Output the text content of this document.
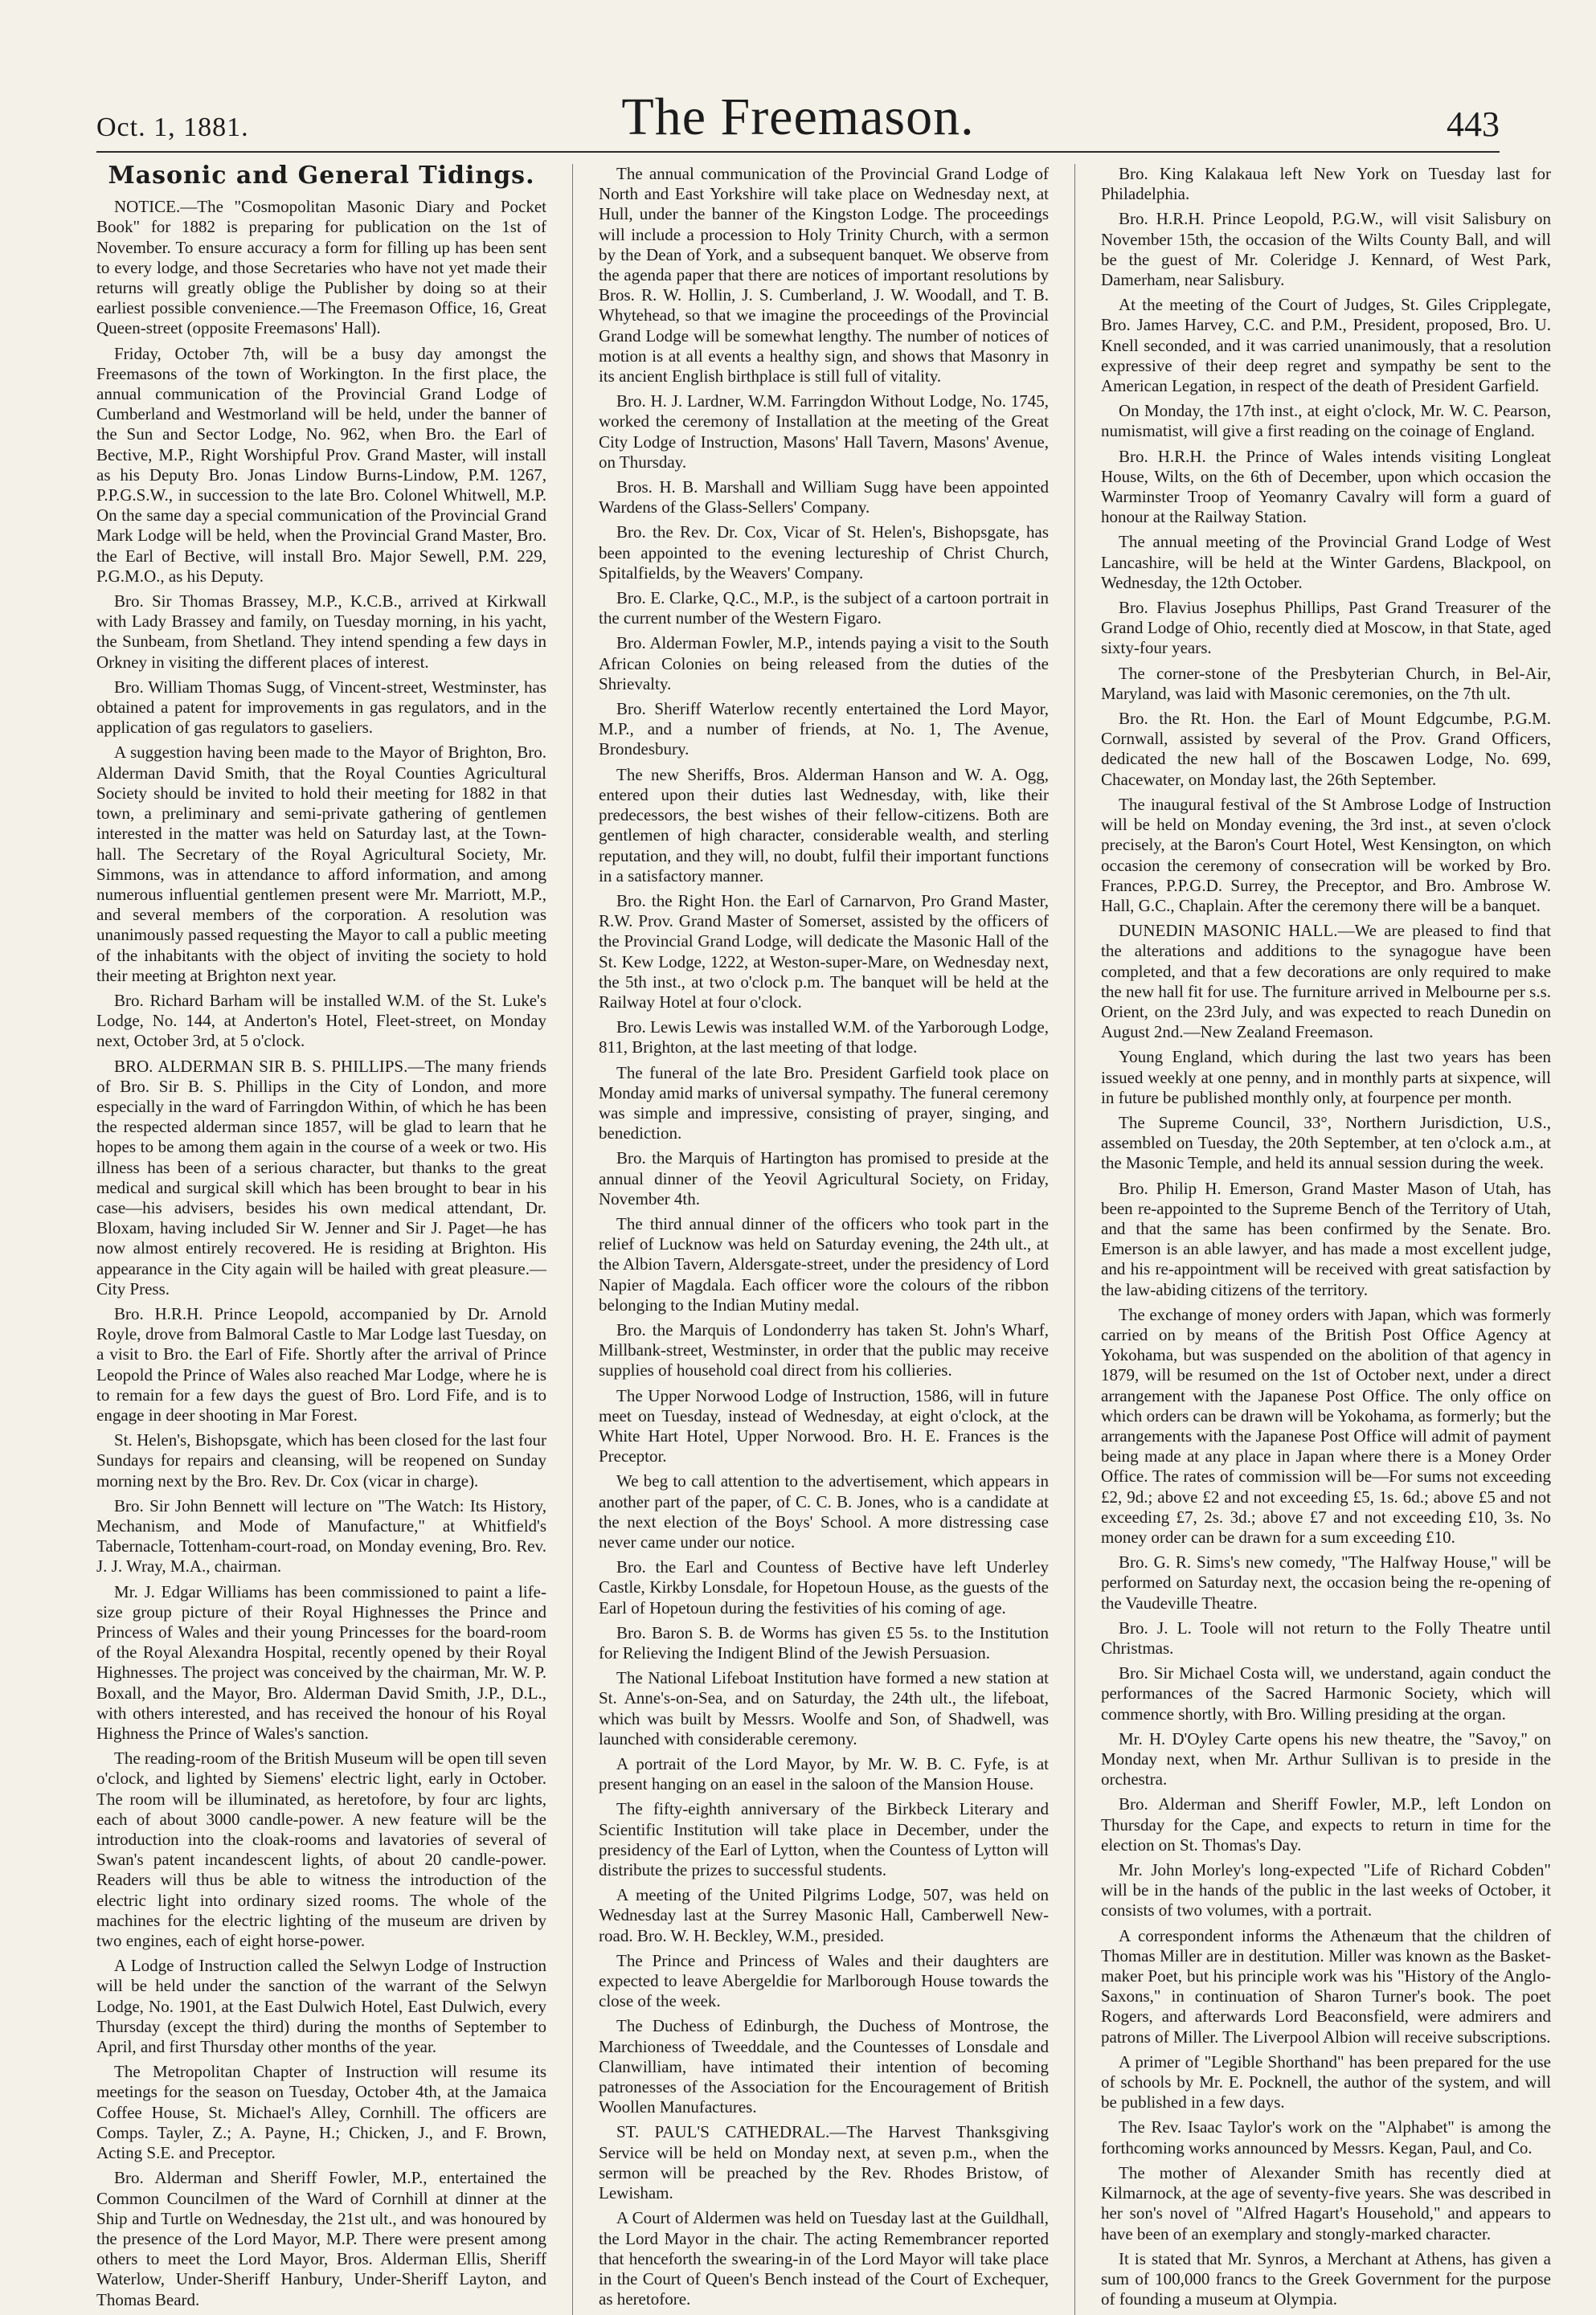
Oct. 1, 1881.	The Freemason.	443
Masonic and General Tidings.

NOTICE.—The "Cosmopolitan Masonic Diary and Pocket Book" for 1882 is preparing for publication on the 1st of November. To ensure accuracy a form for filling up has been sent to every lodge, and those Secretaries who have not yet made their returns will greatly oblige the Publisher by doing so at their earliest possible convenience.—The Freemason Office, 16, Great Queen-street (opposite Freemasons' Hall).

Friday, October 7th, will be a busy day amongst the Freemasons of the town of Workington. In the first place, the annual communication of the Provincial Grand Lodge of Cumberland and Westmorland will be held, under the banner of the Sun and Sector Lodge, No. 962, when Bro. the Earl of Bective, M.P., Right Worshipful Prov. Grand Master, will install as his Deputy Bro. Jonas Lindow Burns-Lindow, P.M. 1267, P.P.G.S.W., in succession to the late Bro. Colonel Whitwell, M.P. On the same day a special communication of the Provincial Grand Mark Lodge will be held, when the Provincial Grand Master, Bro. the Earl of Bective, will install Bro. Major Sewell, P.M. 229, P.G.M.O., as his Deputy.

Bro. Sir Thomas Brassey, M.P., K.C.B., arrived at Kirkwall with Lady Brassey and family, on Tuesday morning, in his yacht, the Sunbeam, from Shetland. They intend spending a few days in Orkney in visiting the different places of interest.

Bro. William Thomas Sugg, of Vincent-street, Westminster, has obtained a patent for improvements in gas regulators, and in the application of gas regulators to gaseliers.

A suggestion having been made to the Mayor of Brighton, Bro. Alderman David Smith, that the Royal Counties Agricultural Society should be invited to hold their meeting for 1882 in that town, a preliminary and semi-private gathering of gentlemen interested in the matter was held on Saturday last, at the Town-hall. The Secretary of the Royal Agricultural Society, Mr. Simmons, was in attendance to afford information, and among numerous influential gentlemen present were Mr. Marriott, M.P., and several members of the corporation. A resolution was unanimously passed requesting the Mayor to call a public meeting of the inhabitants with the object of inviting the society to hold their meeting at Brighton next year.

Bro. Richard Barham will be installed W.M. of the St. Luke's Lodge, No. 144, at Anderton's Hotel, Fleet-street, on Monday next, October 3rd, at 5 o'clock.

BRO. ALDERMAN SIR B. S. PHILLIPS.—The many friends of Bro. Sir B. S. Phillips in the City of London, and more especially in the ward of Farringdon Within, of which he has been the respected alderman since 1857, will be glad to learn that he hopes to be among them again in the course of a week or two. His illness has been of a serious character, but thanks to the great medical and surgical skill which has been brought to bear in his case—his advisers, besides his own medical attendant, Dr. Bloxam, having included Sir W. Jenner and Sir J. Paget—he has now almost entirely recovered. He is residing at Brighton. His appearance in the City again will be hailed with great pleasure.—City Press.

Bro. H.R.H. Prince Leopold, accompanied by Dr. Arnold Royle, drove from Balmoral Castle to Mar Lodge last Tuesday, on a visit to Bro. the Earl of Fife. Shortly after the arrival of Prince Leopold the Prince of Wales also reached Mar Lodge, where he is to remain for a few days the guest of Bro. Lord Fife, and is to engage in deer shooting in Mar Forest.

St. Helen's, Bishopsgate, which has been closed for the last four Sundays for repairs and cleansing, will be reopened on Sunday morning next by the Bro. Rev. Dr. Cox (vicar in charge).

Bro. Sir John Bennett will lecture on "The Watch: Its History, Mechanism, and Mode of Manufacture," at Whitfield's Tabernacle, Tottenham-court-road, on Monday evening, Bro. Rev. J. J. Wray, M.A., chairman.

Mr. J. Edgar Williams has been commissioned to paint a life-size group picture of their Royal Highnesses the Prince and Princess of Wales and their young Princesses for the board-room of the Royal Alexandra Hospital, recently opened by their Royal Highnesses. The project was conceived by the chairman, Mr. W. P. Boxall, and the Mayor, Bro. Alderman David Smith, J.P., D.L., with others interested, and has received the honour of his Royal Highness the Prince of Wales's sanction.

The reading-room of the British Museum will be open till seven o'clock, and lighted by Siemens' electric light, early in October. The room will be illuminated, as heretofore, by four arc lights, each of about 3000 candle-power. A new feature will be the introduction into the cloak-rooms and lavatories of several of Swan's patent incandescent lights, of about 20 candle-power. Readers will thus be able to witness the introduction of the electric light into ordinary sized rooms. The whole of the machines for the electric lighting of the museum are driven by two engines, each of eight horse-power.

A Lodge of Instruction called the Selwyn Lodge of Instruction will be held under the sanction of the warrant of the Selwyn Lodge, No. 1901, at the East Dulwich Hotel, East Dulwich, every Thursday (except the third) during the months of September to April, and first Thursday other months of the year.

The Metropolitan Chapter of Instruction will resume its meetings for the season on Tuesday, October 4th, at the Jamaica Coffee House, St. Michael's Alley, Cornhill. The officers are Comps. Tayler, Z.; A. Payne, H.; Chicken, J., and F. Brown, Acting S.E. and Preceptor.

Bro. Alderman and Sheriff Fowler, M.P., entertained the Common Councilmen of the Ward of Cornhill at dinner at the Ship and Turtle on Wednesday, the 21st ult., and was honoured by the presence of the Lord Mayor, M.P. There were present among others to meet the Lord Mayor, Bros. Alderman Ellis, Sheriff Waterlow, Under-Sheriff Hanbury, Under-Sheriff Layton, and Thomas Beard.

The annual communication of the Provincial Grand Lodge of North and East Yorkshire will take place on Wednesday next, at Hull, under the banner of the Kingston Lodge. The proceedings will include a procession to Holy Trinity Church, with a sermon by the Dean of York, and a subsequent banquet. We observe from the agenda paper that there are notices of important resolutions by Bros. R. W. Hollin, J. S. Cumberland, J. W. Woodall, and T. B. Whytehead, so that we imagine the proceedings of the Provincial Grand Lodge will be somewhat lengthy. The number of notices of motion is at all events a healthy sign, and shows that Masonry in its ancient English birthplace is still full of vitality.

Bro. H. J. Lardner, W.M. Farringdon Without Lodge, No. 1745, worked the ceremony of Installation at the meeting of the Great City Lodge of Instruction, Masons' Hall Tavern, Masons' Avenue, on Thursday.

Bros. H. B. Marshall and William Sugg have been appointed Wardens of the Glass-Sellers' Company.

Bro. the Rev. Dr. Cox, Vicar of St. Helen's, Bishopsgate, has been appointed to the evening lectureship of Christ Church, Spitalfields, by the Weavers' Company.

Bro. E. Clarke, Q.C., M.P., is the subject of a cartoon portrait in the current number of the Western Figaro.

Bro. Alderman Fowler, M.P., intends paying a visit to the South African Colonies on being released from the duties of the Shrievalty.

Bro. Sheriff Waterlow recently entertained the Lord Mayor, M.P., and a number of friends, at No. 1, The Avenue, Brondesbury.

The new Sheriffs, Bros. Alderman Hanson and W. A. Ogg, entered upon their duties last Wednesday, with, like their predecessors, the best wishes of their fellow-citizens. Both are gentlemen of high character, considerable wealth, and sterling reputation, and they will, no doubt, fulfil their important functions in a satisfactory manner.

Bro. the Right Hon. the Earl of Carnarvon, Pro Grand Master, R.W. Prov. Grand Master of Somerset, assisted by the officers of the Provincial Grand Lodge, will dedicate the Masonic Hall of the St. Kew Lodge, 1222, at Weston-super-Mare, on Wednesday next, the 5th inst., at two o'clock p.m. The banquet will be held at the Railway Hotel at four o'clock.

Bro. Lewis Lewis was installed W.M. of the Yarborough Lodge, 811, Brighton, at the last meeting of that lodge.

The funeral of the late Bro. President Garfield took place on Monday amid marks of universal sympathy. The funeral ceremony was simple and impressive, consisting of prayer, singing, and benediction.

Bro. the Marquis of Hartington has promised to preside at the annual dinner of the Yeovil Agricultural Society, on Friday, November 4th.

The third annual dinner of the officers who took part in the relief of Lucknow was held on Saturday evening, the 24th ult., at the Albion Tavern, Aldersgate-street, under the presidency of Lord Napier of Magdala. Each officer wore the colours of the ribbon belonging to the Indian Mutiny medal.

Bro. the Marquis of Londonderry has taken St. John's Wharf, Millbank-street, Westminster, in order that the public may receive supplies of household coal direct from his collieries.

The Upper Norwood Lodge of Instruction, 1586, will in future meet on Tuesday, instead of Wednesday, at eight o'clock, at the White Hart Hotel, Upper Norwood. Bro. H. E. Frances is the Preceptor.

We beg to call attention to the advertisement, which appears in another part of the paper, of C. C. B. Jones, who is a candidate at the next election of the Boys' School. A more distressing case never came under our notice.

Bro. the Earl and Countess of Bective have left Underley Castle, Kirkby Lonsdale, for Hopetoun House, as the guests of the Earl of Hopetoun during the festivities of his coming of age.

Bro. Baron S. B. de Worms has given £5 5s. to the Institution for Relieving the Indigent Blind of the Jewish Persuasion.

The National Lifeboat Institution have formed a new station at St. Anne's-on-Sea, and on Saturday, the 24th ult., the lifeboat, which was built by Messrs. Woolfe and Son, of Shadwell, was launched with considerable ceremony.

A portrait of the Lord Mayor, by Mr. W. B. C. Fyfe, is at present hanging on an easel in the saloon of the Mansion House.

The fifty-eighth anniversary of the Birkbeck Literary and Scientific Institution will take place in December, under the presidency of the Earl of Lytton, when the Countess of Lytton will distribute the prizes to successful students.

A meeting of the United Pilgrims Lodge, 507, was held on Wednesday last at the Surrey Masonic Hall, Camberwell New-road. Bro. W. H. Beckley, W.M., presided.

The Prince and Princess of Wales and their daughters are expected to leave Abergeldie for Marlborough House towards the close of the week.

The Duchess of Edinburgh, the Duchess of Montrose, the Marchioness of Tweeddale, and the Countesses of Lonsdale and Clanwilliam, have intimated their intention of becoming patronesses of the Association for the Encouragement of British Woollen Manufactures.

ST. PAUL'S CATHEDRAL.—The Harvest Thanksgiving Service will be held on Monday next, at seven p.m., when the sermon will be preached by the Rev. Rhodes Bristow, of Lewisham.

A Court of Aldermen was held on Tuesday last at the Guildhall, the Lord Mayor in the chair. The acting Remembrancer reported that henceforth the swearing-in of the Lord Mayor will take place in the Court of Queen's Bench instead of the Court of Exchequer, as heretofore.

Bro. King Kalakaua left New York on Tuesday last for Philadelphia.

Bro. H.R.H. Prince Leopold, P.G.W., will visit Salisbury on November 15th, the occasion of the Wilts County Ball, and will be the guest of Mr. Coleridge J. Kennard, of West Park, Damerham, near Salisbury.

At the meeting of the Court of Judges, St. Giles Cripplegate, Bro. James Harvey, C.C. and P.M., President, proposed, Bro. U. Knell seconded, and it was carried unanimously, that a resolution expressive of their deep regret and sympathy be sent to the American Legation, in respect of the death of President Garfield.

On Monday, the 17th inst., at eight o'clock, Mr. W. C. Pearson, numismatist, will give a first reading on the coinage of England.

Bro. H.R.H. the Prince of Wales intends visiting Longleat House, Wilts, on the 6th of December, upon which occasion the Warminster Troop of Yeomanry Cavalry will form a guard of honour at the Railway Station.

The annual meeting of the Provincial Grand Lodge of West Lancashire, will be held at the Winter Gardens, Blackpool, on Wednesday, the 12th October.

Bro. Flavius Josephus Phillips, Past Grand Treasurer of the Grand Lodge of Ohio, recently died at Moscow, in that State, aged sixty-four years.

The corner-stone of the Presbyterian Church, in Bel-Air, Maryland, was laid with Masonic ceremonies, on the 7th ult.

Bro. the Rt. Hon. the Earl of Mount Edgcumbe, P.G.M. Cornwall, assisted by several of the Prov. Grand Officers, dedicated the new hall of the Boscawen Lodge, No. 699, Chacewater, on Monday last, the 26th September.

The inaugural festival of the St Ambrose Lodge of Instruction will be held on Monday evening, the 3rd inst., at seven o'clock precisely, at the Baron's Court Hotel, West Kensington, on which occasion the ceremony of consecration will be worked by Bro. Frances, P.P.G.D. Surrey, the Preceptor, and Bro. Ambrose W. Hall, G.C., Chaplain. After the ceremony there will be a banquet.

DUNEDIN MASONIC HALL.—We are pleased to find that the alterations and additions to the synagogue have been completed, and that a few decorations are only required to make the new hall fit for use. The furniture arrived in Melbourne per s.s. Orient, on the 23rd July, and was expected to reach Dunedin on August 2nd.—New Zealand Freemason.

Young England, which during the last two years has been issued weekly at one penny, and in monthly parts at sixpence, will in future be published monthly only, at fourpence per month.

The Supreme Council, 33°, Northern Jurisdiction, U.S., assembled on Tuesday, the 20th September, at ten o'clock a.m., at the Masonic Temple, and held its annual session during the week.

Bro. Philip H. Emerson, Grand Master Mason of Utah, has been re-appointed to the Supreme Bench of the Territory of Utah, and that the same has been confirmed by the Senate. Bro. Emerson is an able lawyer, and has made a most excellent judge, and his re-appointment will be received with great satisfaction by the law-abiding citizens of the territory.

The exchange of money orders with Japan, which was formerly carried on by means of the British Post Office Agency at Yokohama, but was suspended on the abolition of that agency in 1879, will be resumed on the 1st of October next, under a direct arrangement with the Japanese Post Office. The only office on which orders can be drawn will be Yokohama, as formerly; but the arrangements with the Japanese Post Office will admit of payment being made at any place in Japan where there is a Money Order Office. The rates of commission will be—For sums not exceeding £2, 9d.; above £2 and not exceeding £5, 1s. 6d.; above £5 and not exceeding £7, 2s. 3d.; above £7 and not exceeding £10, 3s. No money order can be drawn for a sum exceeding £10.

Bro. G. R. Sims's new comedy, "The Halfway House," will be performed on Saturday next, the occasion being the re-opening of the Vaudeville Theatre.

Bro. J. L. Toole will not return to the Folly Theatre until Christmas.

Bro. Sir Michael Costa will, we understand, again conduct the performances of the Sacred Harmonic Society, which will commence shortly, with Bro. Willing presiding at the organ.

Mr. H. D'Oyley Carte opens his new theatre, the "Savoy," on Monday next, when Mr. Arthur Sullivan is to preside in the orchestra.

Bro. Alderman and Sheriff Fowler, M.P., left London on Thursday for the Cape, and expects to return in time for the election on St. Thomas's Day.

Mr. John Morley's long-expected "Life of Richard Cobden" will be in the hands of the public in the last weeks of October, it consists of two volumes, with a portrait.

A correspondent informs the Athenæum that the children of Thomas Miller are in destitution. Miller was known as the Basket-maker Poet, but his principle work was his "History of the Anglo-Saxons," in continuation of Sharon Turner's book. The poet Rogers, and afterwards Lord Beaconsfield, were admirers and patrons of Miller. The Liverpool Albion will receive subscriptions.

A primer of "Legible Shorthand" has been prepared for the use of schools by Mr. E. Pocknell, the author of the system, and will be published in a few days.

The Rev. Isaac Taylor's work on the "Alphabet" is among the forthcoming works announced by Messrs. Kegan, Paul, and Co.

The mother of Alexander Smith has recently died at Kilmarnock, at the age of seventy-five years. She was described in her son's novel of "Alfred Hagart's Household," and appears to have been of an exemplary and stongly-marked character.

It is stated that Mr. Synros, a Merchant at Athens, has given a sum of 100,000 francs to the Greek Government for the purpose of founding a museum at Olympia.
